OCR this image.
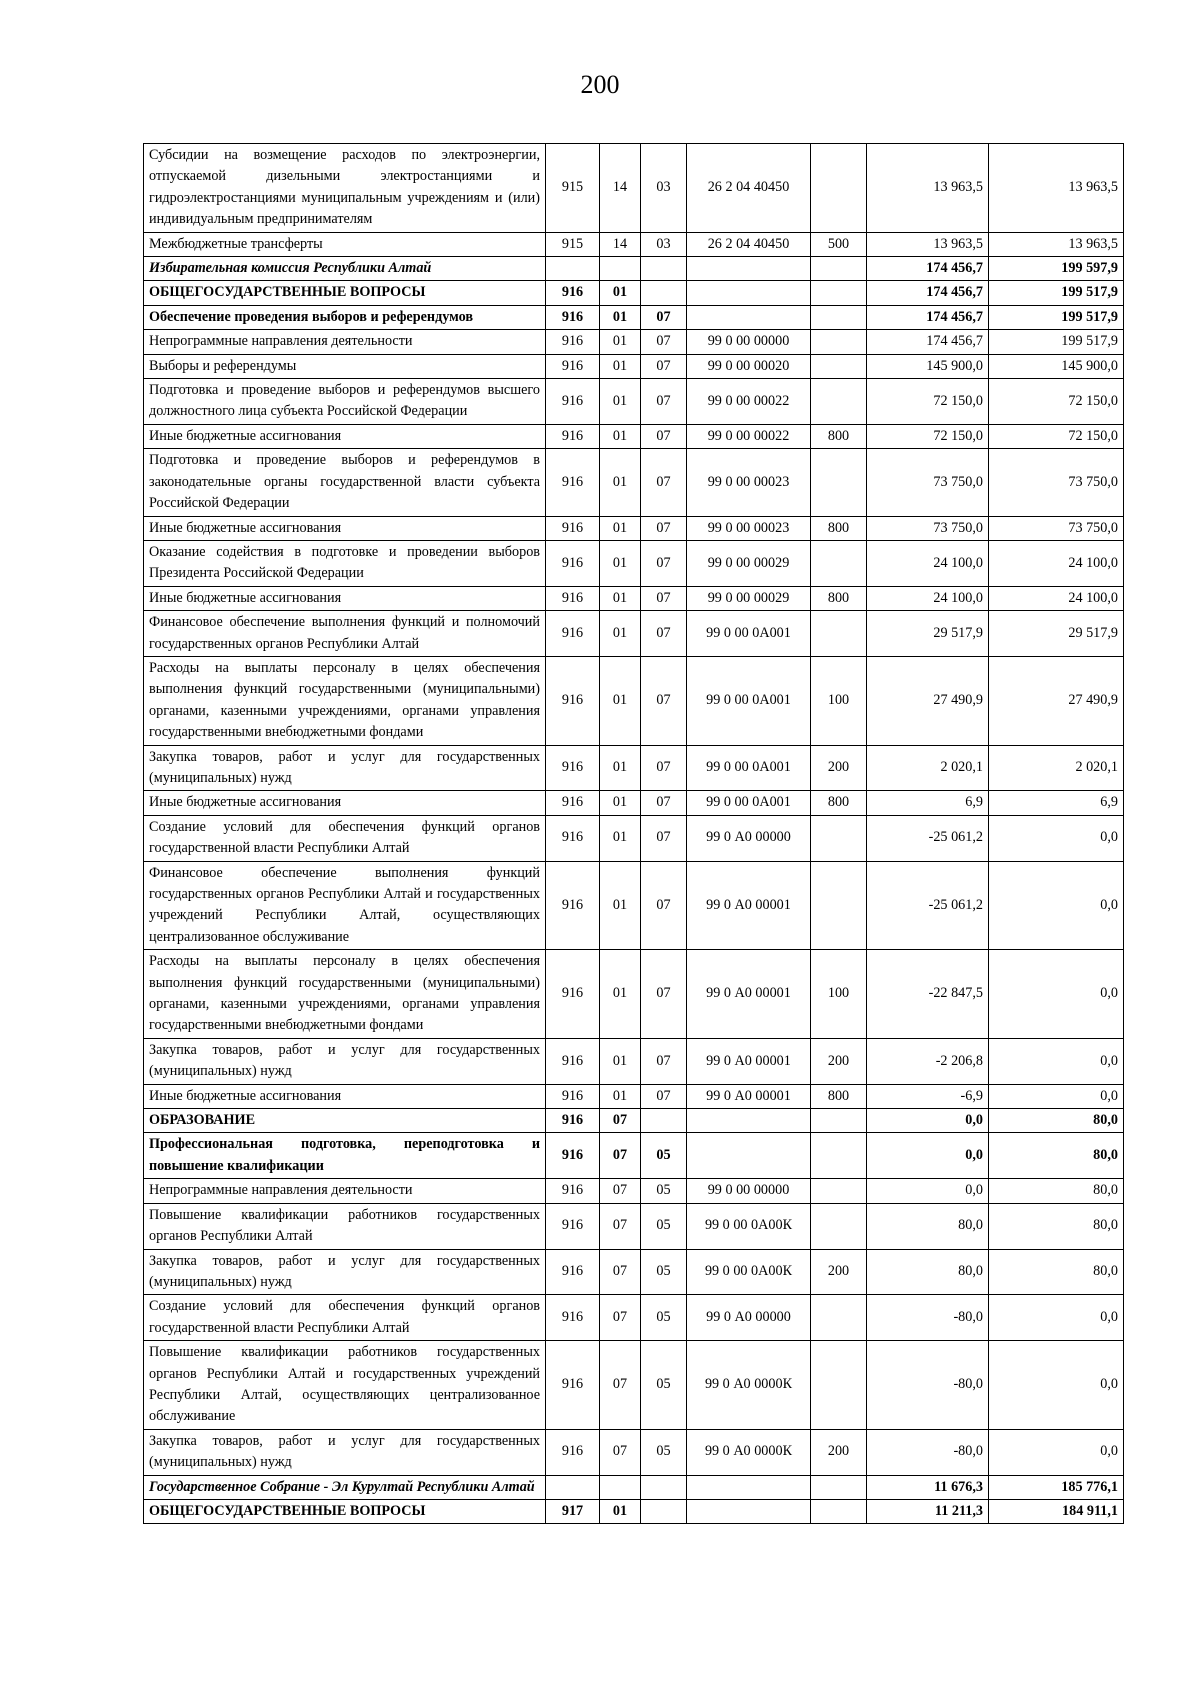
200
Субсидии на возмещение расходов по электроэнергии, отпускаемой дизельными электростанциями и гидроэлектростанциями муниципальным учреждениям и (или) индивидуальным предпринимателям	915	14	03	26 2 04 40450		13 963,5	13 963,5
Межбюджетные трансферты	915	14	03	26 2 04 40450	500	13 963,5	13 963,5
Избирательная комиссия Республики Алтай						174 456,7	199 597,9
ОБЩЕГОСУДАРСТВЕННЫЕ ВОПРОСЫ	916	01				174 456,7	199 517,9
Обеспечение проведения выборов и референдумов	916	01	07			174 456,7	199 517,9
Непрограммные направления деятельности	916	01	07	99 0 00 00000		174 456,7	199 517,9
Выборы и референдумы	916	01	07	99 0 00 00020		145 900,0	145 900,0
Подготовка и проведение выборов и референдумов высшего должностного лица субъекта Российской Федерации	916	01	07	99 0 00 00022		72 150,0	72 150,0
Иные бюджетные ассигнования	916	01	07	99 0 00 00022	800	72 150,0	72 150,0
Подготовка и проведение выборов и референдумов в законодательные органы государственной власти субъекта Российской Федерации	916	01	07	99 0 00 00023		73 750,0	73 750,0
Иные бюджетные ассигнования	916	01	07	99 0 00 00023	800	73 750,0	73 750,0
Оказание содействия в подготовке и проведении выборов Президента Российской Федерации	916	01	07	99 0 00 00029		24 100,0	24 100,0
Иные бюджетные ассигнования	916	01	07	99 0 00 00029	800	24 100,0	24 100,0
Финансовое обеспечение выполнения функций и полномочий государственных органов Республики Алтай	916	01	07	99 0 00 0А001		29 517,9	29 517,9
Расходы на выплаты персоналу в целях обеспечения выполнения функций государственными (муниципальными) органами, казенными учреждениями, органами управления государственными внебюджетными фондами	916	01	07	99 0 00 0А001	100	27 490,9	27 490,9
Закупка товаров, работ и услуг для государственных (муниципальных) нужд	916	01	07	99 0 00 0А001	200	2 020,1	2 020,1
Иные бюджетные ассигнования	916	01	07	99 0 00 0А001	800	6,9	6,9
Создание условий для обеспечения функций органов государственной власти Республики Алтай	916	01	07	99 0 А0 00000		-25 061,2	0,0
Финансовое обеспечение выполнения функций государственных органов Республики Алтай и государственных учреждений Республики Алтай, осуществляющих централизованное обслуживание	916	01	07	99 0 А0 00001		-25 061,2	0,0
Расходы на выплаты персоналу в целях обеспечения выполнения функций государственными (муниципальными) органами, казенными учреждениями, органами управления государственными внебюджетными фондами	916	01	07	99 0 А0 00001	100	-22 847,5	0,0
Закупка товаров, работ и услуг для государственных (муниципальных) нужд	916	01	07	99 0 А0 00001	200	-2 206,8	0,0
Иные бюджетные ассигнования	916	01	07	99 0 А0 00001	800	-6,9	0,0
ОБРАЗОВАНИЕ	916	07				0,0	80,0
Профессиональная подготовка, переподготовка и повышение квалификации	916	07	05			0,0	80,0
Непрограммные направления деятельности	916	07	05	99 0 00 00000		0,0	80,0
Повышение квалификации работников государственных органов Республики Алтай	916	07	05	99 0 00 0А00К		80,0	80,0
Закупка товаров, работ и услуг для государственных (муниципальных) нужд	916	07	05	99 0 00 0А00К	200	80,0	80,0
Создание условий для обеспечения функций органов государственной власти Республики Алтай	916	07	05	99 0 А0 00000		-80,0	0,0
Повышение квалификации работников государственных органов Республики Алтай и государственных учреждений Республики Алтай, осуществляющих централизованное обслуживание	916	07	05	99 0 А0 0000К		-80,0	0,0
Закупка товаров, работ и услуг для государственных (муниципальных) нужд	916	07	05	99 0 А0 0000К	200	-80,0	0,0
Государственное Собрание - Эл Курултай Республики Алтай						11 676,3	185 776,1
ОБЩЕГОСУДАРСТВЕННЫЕ ВОПРОСЫ	917	01				11 211,3	184 911,1
